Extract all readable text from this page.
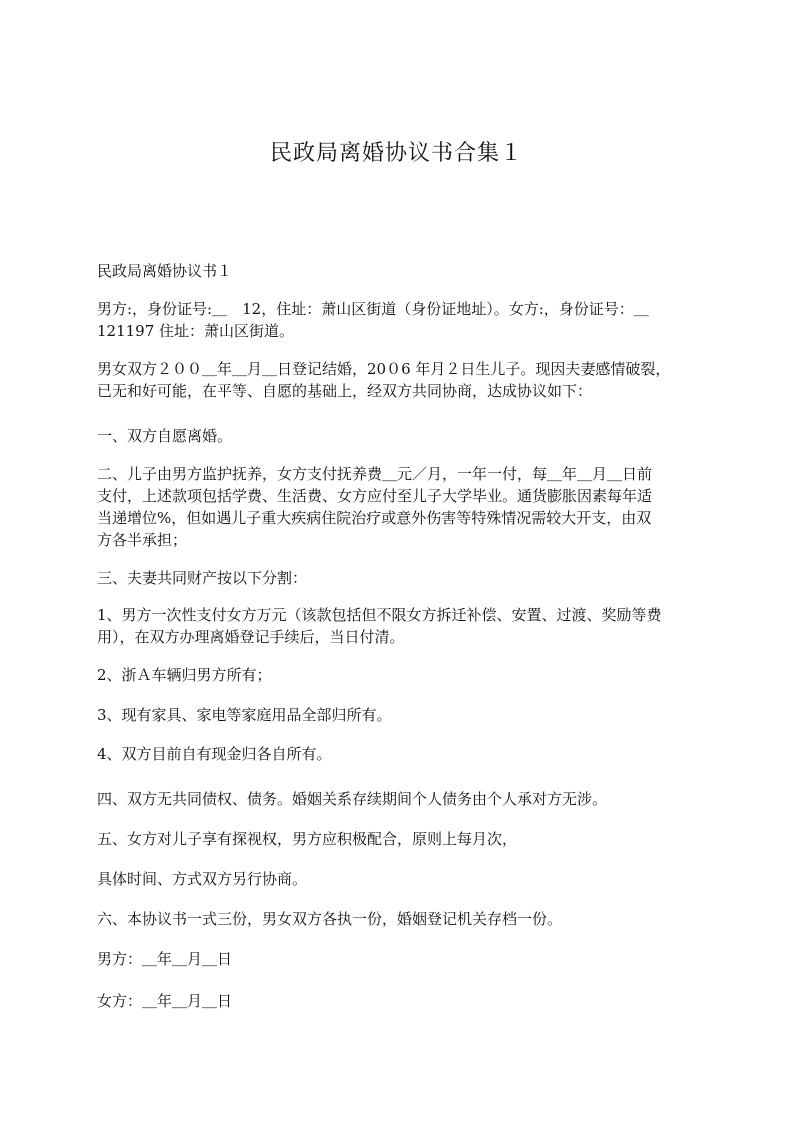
民政局离婚协议书合集１

民政局离婚协议书１

男方:，身份证号:＿　12，住址：萧山区街道（身份证地址）。女方:，身份证号：＿
121197 住址：萧山区街道。

男女双方２００＿年＿月＿日登记结婚，20０6 年月２日生儿子。现因夫妻感情破裂，
已无和好可能，在平等、自愿的基础上，经双方共同协商，达成协议如下：

一、双方自愿离婚。

二、儿子由男方监护抚养，女方支付抚养费＿元／月，一年一付，每＿年＿月＿日前
支付，上述款项包括学费、生活费、女方应付至儿子大学毕业。通货膨胀因素每年适
当递增位%，但如遇儿子重大疾病住院治疗或意外伤害等特殊情况需较大开支，由双
方各半承担；

三、夫妻共同财产按以下分割：

1、男方一次性支付女方万元（该款包括但不限女方拆迁补偿、安置、过渡、奖励等费
用），在双方办理离婚登记手续后，当日付清。

2、浙Ａ车辆归男方所有；

3、现有家具、家电等家庭用品全部归所有。

4、双方目前自有现金归各自所有。

四、双方无共同债权、债务。婚姻关系存续期间个人债务由个人承对方无涉。

五、女方对儿子享有探视权，男方应积极配合，原则上每月次，

具体时间、方式双方另行协商。

六、本协议书一式三份，男女双方各执一份，婚姻登记机关存档一份。

男方：＿年＿月＿日

女方：＿年＿月＿日
